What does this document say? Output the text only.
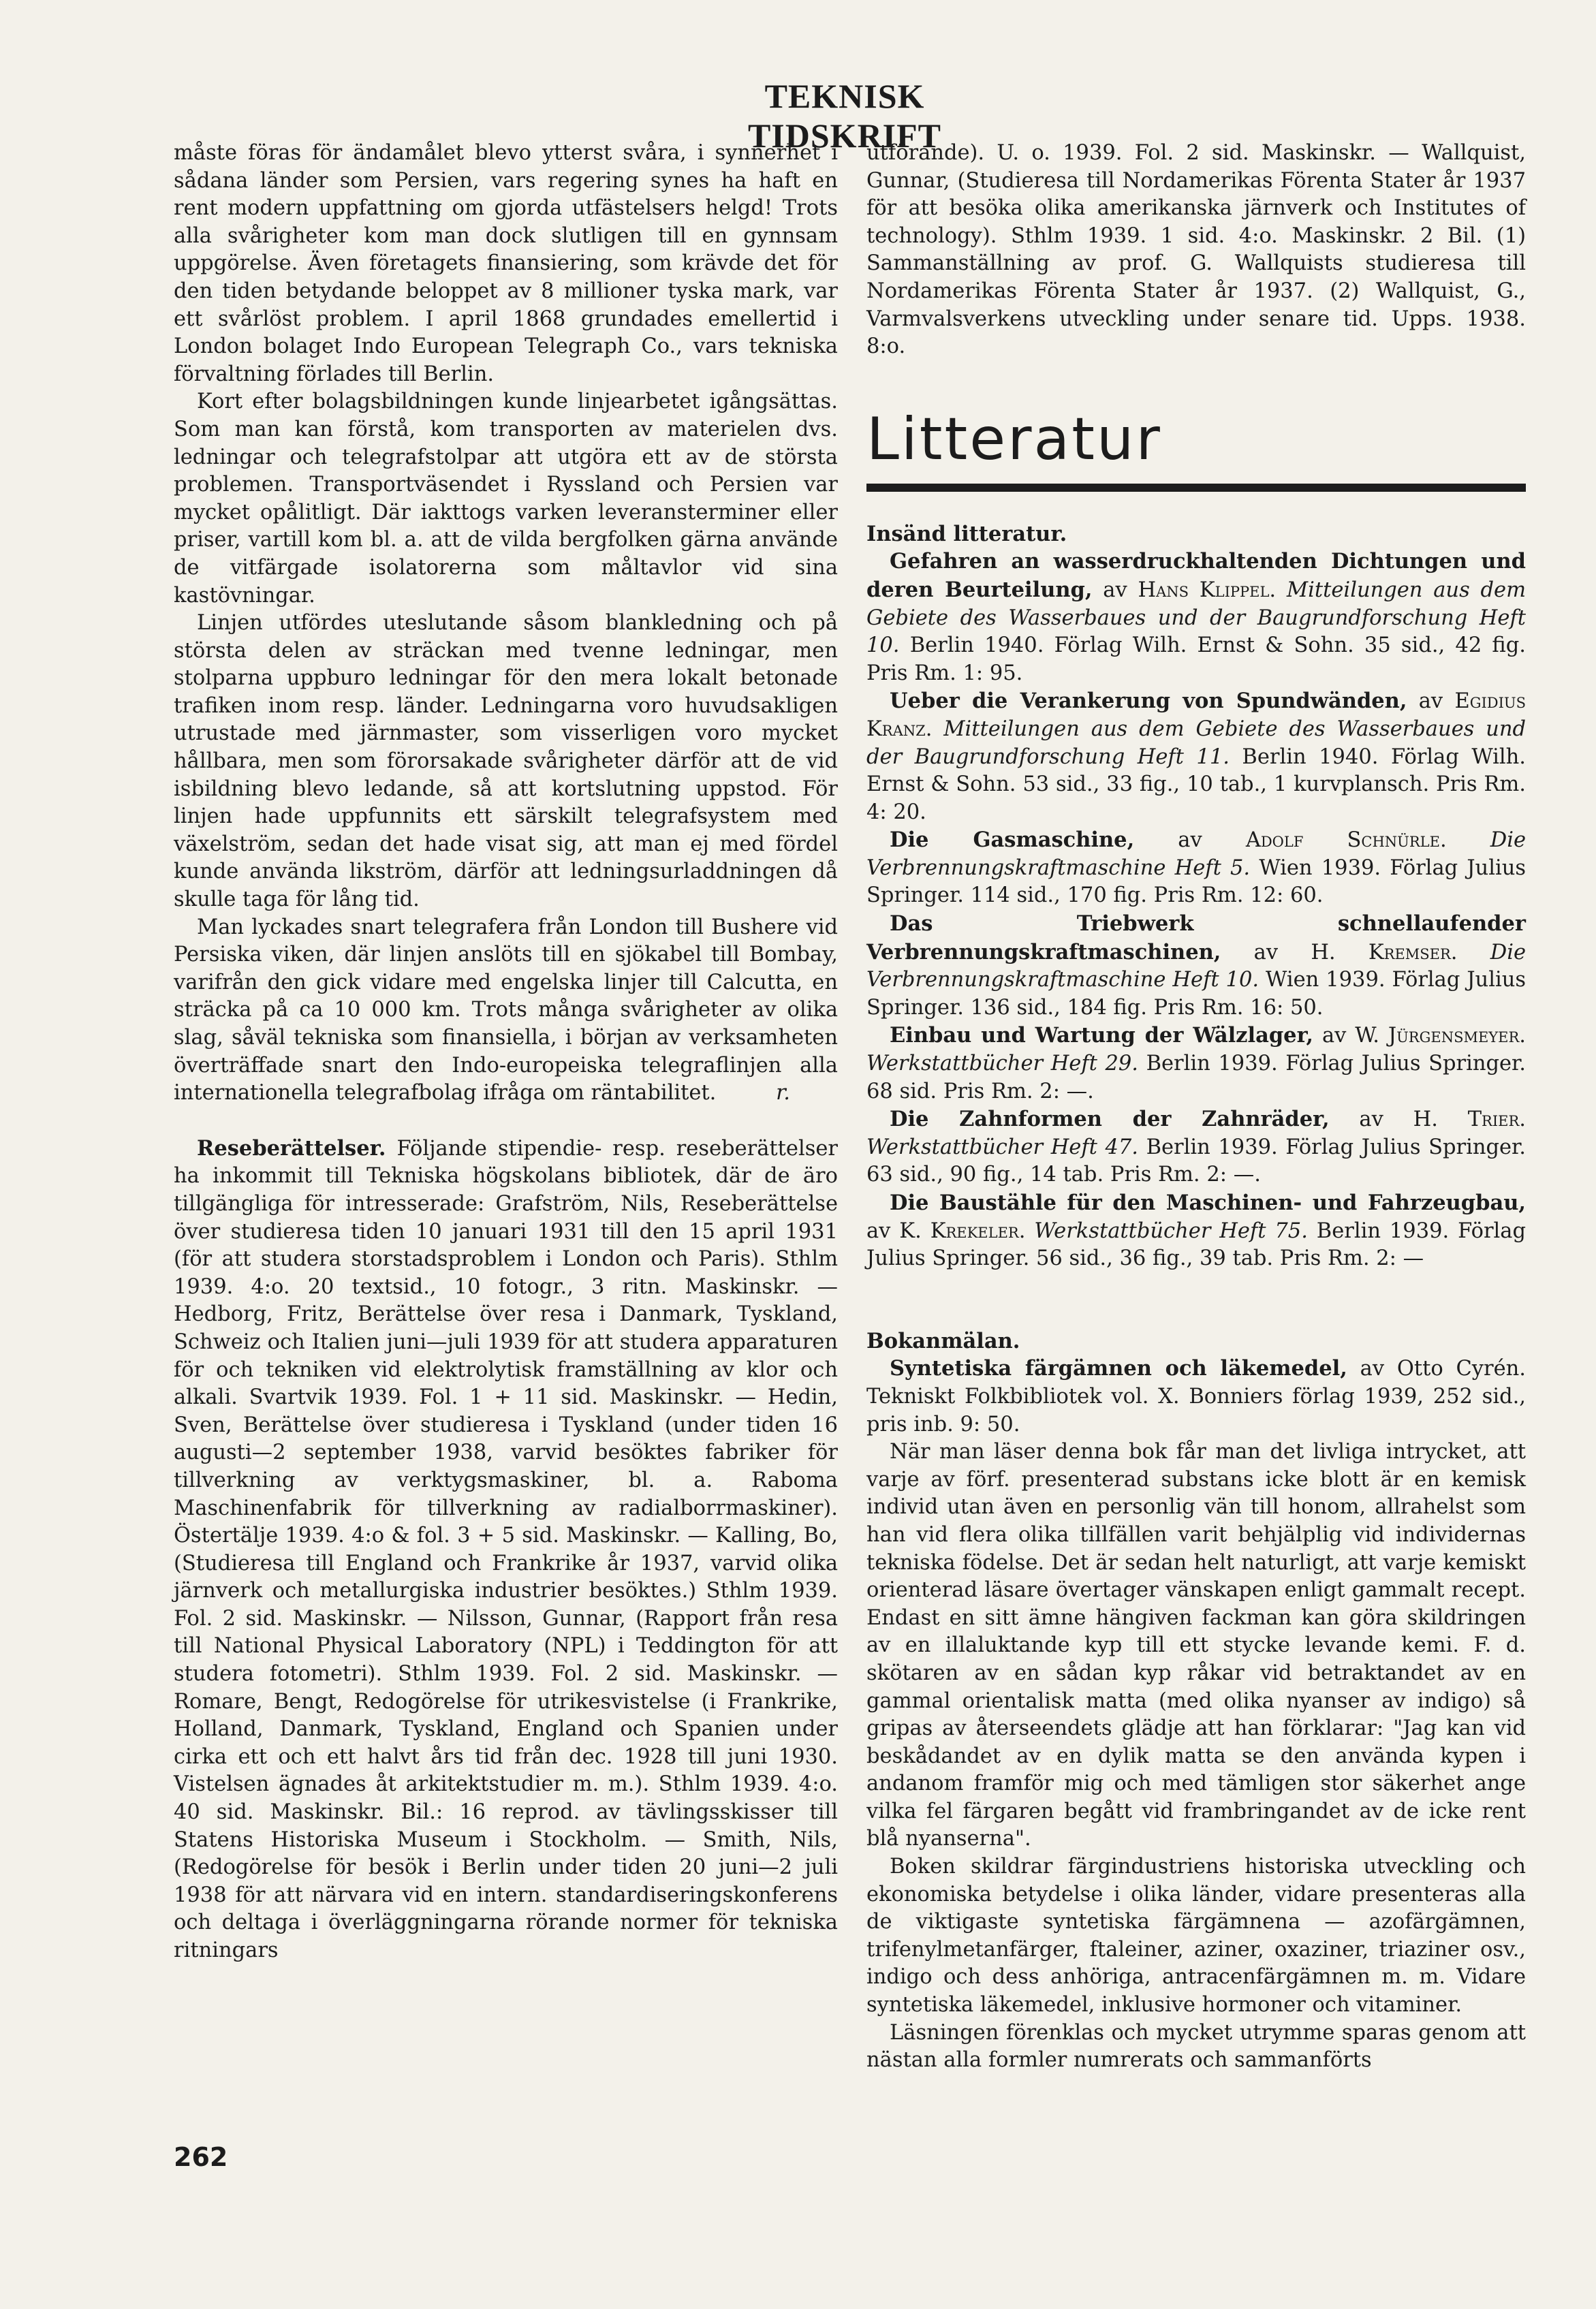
TEKNISK TIDSKRIFT

måste föras för ändamålet blevo ytterst svåra, i synnerhet i sådana länder som Persien, vars regering synes ha haft en rent modern uppfattning om gjorda utfästelsers helgd! Trots alla svårigheter kom man dock slutligen till en gynnsam uppgörelse. Även företagets finansiering, som krävde det för den tiden betydande beloppet av 8 millioner tyska mark, var ett svårlöst problem. I april 1868 grundades emellertid i London bolaget Indo European Telegraph Co., vars tekniska förvaltning förlades till Berlin.

Kort efter bolagsbildningen kunde linjearbetet igångsättas. Som man kan förstå, kom transporten av materielen dvs. ledningar och telegrafstolpar att utgöra ett av de största problemen. Transportväsendet i Ryssland och Persien var mycket opålitligt. Där iakttogs varken leveransterminer eller priser, vartill kom bl. a. att de vilda bergfolken gärna använde de vitfärgade isolatorerna som måltavlor vid sina kastövningar.

Linjen utfördes uteslutande såsom blankledning och på största delen av sträckan med tvenne ledningar, men stolparna uppburo ledningar för den mera lokalt betonade trafiken inom resp. länder. Ledningarna voro huvudsakligen utrustade med järnmaster, som visserligen voro mycket hållbara, men som förorsakade svårigheter därför att de vid isbildning blevo ledande, så att kortslutning uppstod. För linjen hade uppfunnits ett särskilt telegrafsystem med växelström, sedan det hade visat sig, att man ej med fördel kunde använda likström, därför att ledningsurladdningen då skulle taga för lång tid.

Man lyckades snart telegrafera från London till Bushere vid Persiska viken, där linjen anslöts till en sjökabel till Bombay, varifrån den gick vidare med engelska linjer till Calcutta, en sträcka på ca 10 000 km. Trots många svårigheter av olika slag, såväl tekniska som finansiella, i början av verksamheten överträffade snart den Indo-europeiska telegraflinjen alla internationella telegrafbolag ifråga om räntabilitet.	r.

Reseberättelser. Följande stipendie- resp. reseberättelser ha inkommit till Tekniska högskolans bibliotek, där de äro tillgängliga för intresserade: Grafström, Nils, Reseberättelse över studieresa tiden 10 januari 1931 till den 15 april 1931 (för att studera storstadsproblem i London och Paris). Sthlm 1939. 4:o. 20 textsid., 10 fotogr., 3 ritn. Maskinskr. — Hedborg, Fritz, Berättelse över resa i Danmark, Tyskland, Schweiz och Italien juni—juli 1939 för att studera apparaturen för och tekniken vid elektrolytisk framställning av klor och alkali. Svartvik 1939. Fol. 1 + 11 sid. Maskinskr. — Hedin, Sven, Berättelse över studieresa i Tyskland (under tiden 16 augusti—2 september 1938, varvid besöktes fabriker för tillverkning av verktygsmaskiner, bl. a. Raboma Maschinenfabrik för tillverkning av radialborrmaskiner). Östertälje 1939. 4:o & fol. 3 + 5 sid. Maskinskr. — Kalling, Bo, (Studieresa till England och Frankrike år 1937, varvid olika järnverk och metallurgiska industrier besöktes.) Sthlm 1939. Fol. 2 sid. Maskinskr. — Nilsson, Gunnar, (Rapport från resa till National Physical Laboratory (NPL) i Teddington för att studera fotometri). Sthlm 1939. Fol. 2 sid. Maskinskr. — Romare, Bengt, Redogörelse för utrikesvistelse (i Frankrike, Holland, Danmark, Tyskland, England och Spanien under cirka ett och ett halvt års tid från dec. 1928 till juni 1930. Vistelsen ägnades åt arkitektstudier m. m.). Sthlm 1939. 4:o. 40 sid. Maskinskr. Bil.: 16 reprod. av tävlingsskisser till Statens Historiska Museum i Stockholm. — Smith, Nils, (Redogörelse för besök i Berlin under tiden 20 juni—2 juli 1938 för att närvara vid en intern. standardiseringskonferens och deltaga i överläggningarna rörande normer för tekniska ritningars

utförande). U. o. 1939. Fol. 2 sid. Maskinskr. — Wallquist, Gunnar, (Studieresa till Nordamerikas Förenta Stater år 1937 för att besöka olika amerikanska järnverk och Institutes of technology). Sthlm 1939. 1 sid. 4:o. Maskinskr. 2 Bil. (1) Sammanställning av prof. G. Wallquists studieresa till Nordamerikas Förenta Stater år 1937. (2) Wallquist, G., Varmvalsverkens utveckling under senare tid. Upps. 1938. 8:o.

Litteratur

Insänd litteratur.

Gefahren an wasserdruckhaltenden Dichtungen und deren Beurteilung, av Hans Klippel. Mitteilungen aus dem Gebiete des Wasserbaues und der Baugrundforschung Heft 10. Berlin 1940. Förlag Wilh. Ernst & Sohn. 35 sid., 42 fig. Pris Rm. 1: 95.

Ueber die Verankerung von Spundwänden, av Egidius Kranz. Mitteilungen aus dem Gebiete des Wasserbaues und der Baugrundforschung Heft 11. Berlin 1940. Förlag Wilh. Ernst & Sohn. 53 sid., 33 fig., 10 tab., 1 kurvplansch. Pris Rm. 4: 20.

Die Gasmaschine, av Adolf Schnürle. Die Verbrennungskraftmaschine Heft 5. Wien 1939. Förlag Julius Springer. 114 sid., 170 fig. Pris Rm. 12: 60.

Das Triebwerk schnellaufender Verbrennungskraftmaschinen, av H. Kremser. Die Verbrennungskraftmaschine Heft 10. Wien 1939. Förlag Julius Springer. 136 sid., 184 fig. Pris Rm. 16: 50.

Einbau und Wartung der Wälzlager, av W. Jürgensmeyer. Werkstattbücher Heft 29. Berlin 1939. Förlag Julius Springer. 68 sid. Pris Rm. 2: —.

Die Zahnformen der Zahnräder, av H. Trier. Werkstattbücher Heft 47. Berlin 1939. Förlag Julius Springer. 63 sid., 90 fig., 14 tab. Pris Rm. 2: —.

Die Baustähle für den Maschinen- und Fahrzeugbau, av K. Krekeler. Werkstattbücher Heft 75. Berlin 1939. Förlag Julius Springer. 56 sid., 36 fig., 39 tab. Pris Rm. 2: —

Bokanmälan.

Syntetiska färgämnen och läkemedel, av Otto Cyrén. Tekniskt Folkbibliotek vol. X. Bonniers förlag 1939, 252 sid., pris inb. 9: 50.

När man läser denna bok får man det livliga intrycket, att varje av förf. presenterad substans icke blott är en kemisk individ utan även en personlig vän till honom, allrahelst som han vid flera olika tillfällen varit behjälplig vid individernas tekniska födelse. Det är sedan helt naturligt, att varje kemiskt orienterad läsare övertager vänskapen enligt gammalt recept. Endast en sitt ämne hängiven fackman kan göra skildringen av en illaluktande kyp till ett stycke levande kemi. F. d. skötaren av en sådan kyp råkar vid betraktandet av en gammal orientalisk matta (med olika nyanser av indigo) så gripas av återseendets glädje att han förklarar: "Jag kan vid beskådandet av en dylik matta se den använda kypen i andanom framför mig och med tämligen stor säkerhet ange vilka fel färgaren begått vid frambringandet av de icke rent blå nyanserna".

Boken skildrar färgindustriens historiska utveckling och ekonomiska betydelse i olika länder, vidare presenteras alla de viktigaste syntetiska färgämnena — azofärgämnen, trifenylmetanfärger, ftaleiner, aziner, oxaziner, triaziner osv., indigo och dess anhöriga, antracenfärgämnen m. m. Vidare syntetiska läkemedel, inklusive hormoner och vitaminer.

Läsningen förenklas och mycket utrymme sparas genom att nästan alla formler numrerats och sammanförts

262
